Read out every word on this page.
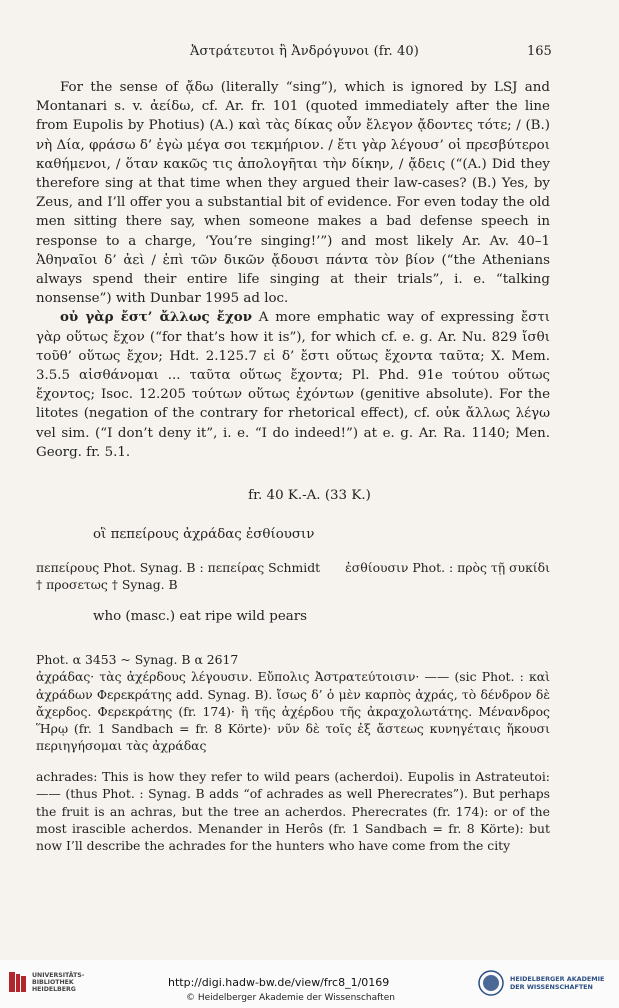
Ἀστράτευτοι ἢ Ἀνδρόγυνοι (fr. 40)	165

For the sense of ᾄδω (literally “sing”), which is ignored by LSJ and Montanari s. v. ἀείδω, cf. Ar. fr. 101 (quoted immediately after the line from Eupolis by Photius) (A.) καὶ τὰς δίκας οὖν ἔλεγον ᾄδοντες τότε; / (B.) νὴ Δία, φράσω δ’ ἐγὼ μέγα σοι τεκμήριον. / ἔτι γὰρ λέγουσ’ οἱ πρεσβύτεροι καθήμενοι, / ὅταν κακῶς τις ἀπολογῆται τὴν δίκην, / ᾄδεις (“(A.) Did they therefore sing at that time when they argued their law-cases? (B.) Yes, by Zeus, and I’ll offer you a substantial bit of evidence. For even today the old men sitting there say, when someone makes a bad defense speech in response to a charge, ‘You’re singing!’”) and most likely Ar. Av. 40–1 Ἀθηναῖοι δ’ ἀεὶ / ἐπὶ τῶν δικῶν ᾄδουσι πάντα τὸν βίον (“the Athenians always spend their entire life singing at their trials”, i. e. “talking nonsense”) with Dunbar 1995 ad loc.

οὐ γὰρ ἔστ’ ἄλλως ἔχον A more emphatic way of expressing ἔστι γὰρ οὕτως ἔχον (“for that’s how it is”), for which cf. e. g. Ar. Nu. 829 ἴσθι τοῦθ’ οὕτως ἔχον; Hdt. 2.125.7 εἰ δ’ ἔστι οὕτως ἔχοντα ταῦτα; X. Mem. 3.5.5 αἰσθάνομαι ... ταῦτα οὕτως ἔχοντα; Pl. Phd. 91e τούτου οὕτως ἔχοντος; Isoc. 12.205 τούτων οὕτως ἐχόντων (genitive absolute). For the litotes (negation of the contrary for rhetorical effect), cf. οὐκ ἄλλως λέγω vel sim. (“I don’t deny it”, i. e. “I do indeed!”) at e. g. Ar. Ra. 1140; Men. Georg. fr. 5.1.

fr. 40 K.-A. (33 K.)
οἳ πεπείρους ἀχράδας ἐσθίουσιν
πεπείρους Phot. Synag. B : πεπείρας Schmidt ἐσθίουσιν Phot. : πρὸς τῇ συκίδι
† προσετως † Synag. B
who (masc.) eat ripe wild pears
Phot. α 3453 ~ Synag. B α 2617
ἀχράδας· τὰς ἀχέρδους λέγουσιν. Εὔπολις Ἀστρατεύτοισιν· —— (sic Phot. : καὶ ἀχράδων Φερεκράτης add. Synag. B). ἴσως δ’ ὁ μὲν καρπὸς ἀχράς, τὸ δένδρον δὲ ἄχερδος. Φερεκράτης (fr. 174)· ἢ τῆς ἀχέρδου τῆς ἀκραχολωτάτης. Μένανδρος Ἥρῳ (fr. 1 Sandbach = fr. 8 Körte)· νῦν δὲ τοῖς ἐξ ἄστεως κυνηγέταις ἥκουσι περιηγήσομαι τὰς ἀχράδας
achrades: This is how they refer to wild pears (acherdoi). Eupolis in Astrateutoi: —— (thus Phot. : Synag. B adds “of achrades as well Pherecrates”). But perhaps the fruit is an achras, but the tree an acherdos. Pherecrates (fr. 174): or of the most irascible acherdos. Menander in Herôs (fr. 1 Sandbach = fr. 8 Körte): but now I’ll describe the achrades for the hunters who have come from the city
UNIVERSITÄTS-
BIBLIOTHEK
HEIDELBERG
http://digi.hadw-bw.de/view/frc8_1/0169
© Heidelberger Akademie der Wissenschaften
HEIDELBERGER AKADEMIE
DER WISSENSCHAFTEN
